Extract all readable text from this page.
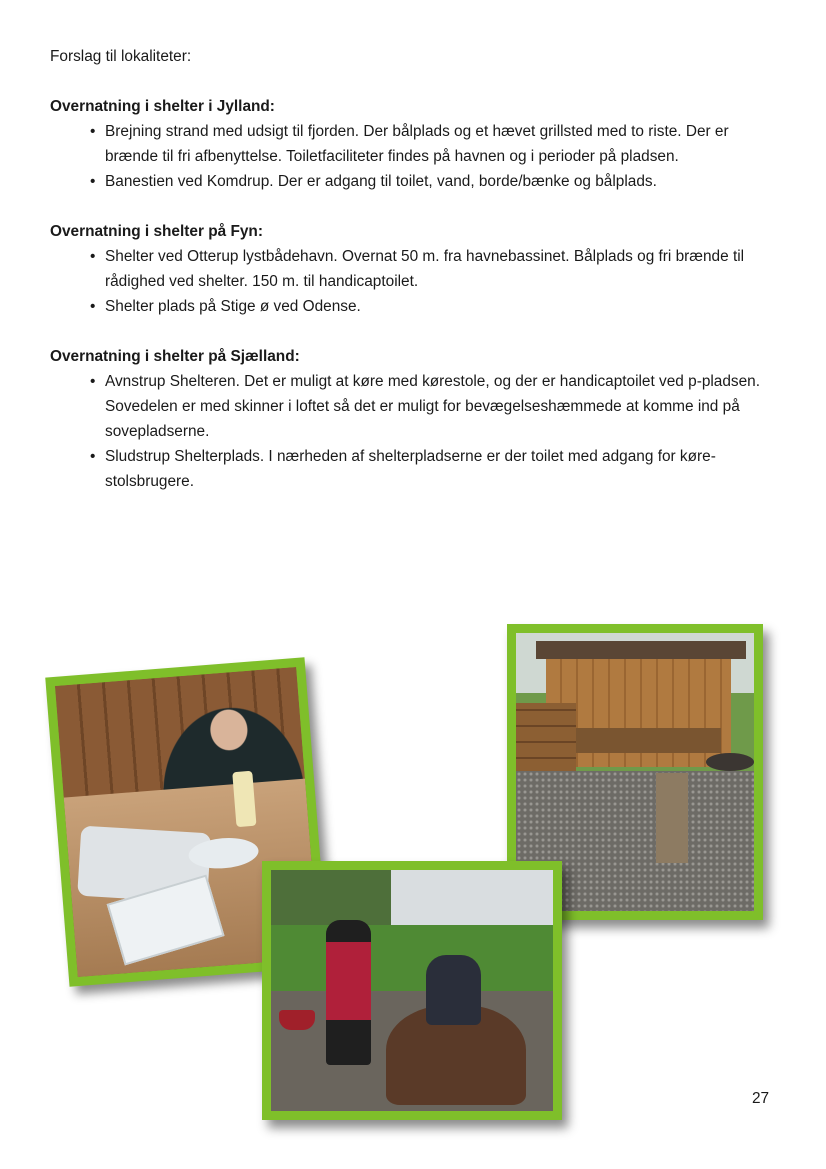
Forslag til lokaliteter:

Overnatning i shelter i Jylland:

• Brejning strand med udsigt til fjorden. Der bålplads og et hævet grillsted med to riste. Der er brænde til fri afbenyttelse. Toiletfaciliteter findes på havnen og i perioder på pladsen.
• Banestien ved Komdrup. Der er adgang til toilet, vand, borde/bænke og bålplads.

Overnatning i shelter på Fyn:

• Shelter ved Otterup lystbådehavn. Overnat 50 m. fra havnebassinet. Bålplads og fri brænde til rådighed ved shelter. 150 m. til handicaptoilet.
• Shelter plads på Stige ø ved Odense.

Overnatning i shelter på Sjælland:

• Avnstrup Shelteren. Det er muligt at køre med kørestole, og der er handicaptoilet ved p-pladsen. Sovedelen er med skinner i loftet så det er muligt for bevægelseshæmmede at komme ind på sovepladserne.
• Sludstrup Shelterplads. I nærheden af shelterpladserne er der toilet med adgang for køre-stolsbrugere.
27
